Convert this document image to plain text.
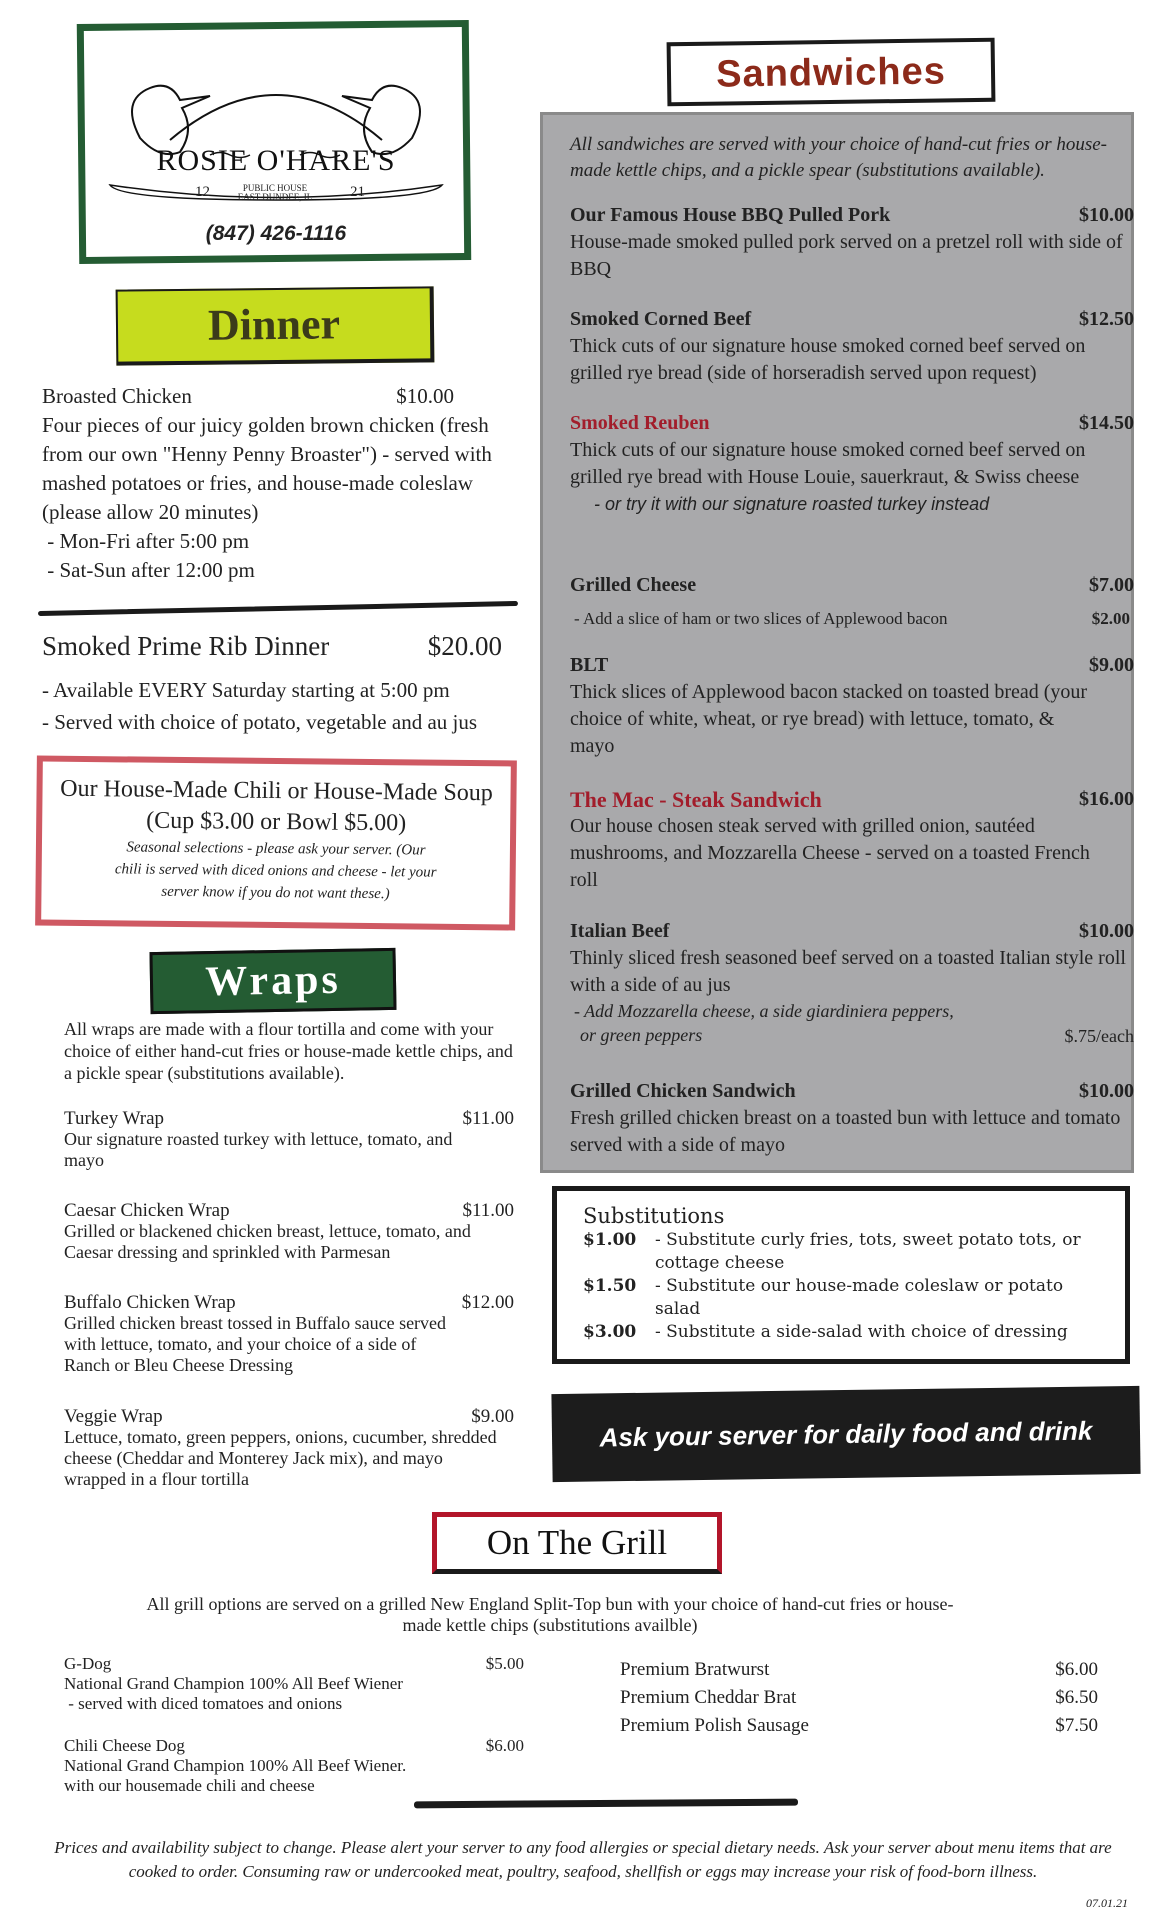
ROSIE O'HARE'S
12	PUBLIC HOUSE EAST DUNDEE, IL	21
(847) 426-1116
Dinner
Broasted Chicken	$10.00
Four pieces of our juicy golden brown chicken (fresh from our own "Henny Penny Broaster") - served with mashed potatoes or fries, and house-made coleslaw (please allow 20 minutes)
- Mon-Fri after 5:00 pm
- Sat-Sun after 12:00 pm
Smoked Prime Rib Dinner	$20.00
- Available EVERY Saturday starting at 5:00 pm
- Served with choice of potato, vegetable and au jus
Our House-Made Chili or House-Made Soup
(Cup $3.00 or Bowl $5.00)
Seasonal selections - please ask your server. (Our chili is served with diced onions and cheese - let your server know if you do not want these.)
Wraps
All wraps are made with a flour tortilla and come with your choice of either hand-cut fries or house-made kettle chips, and a pickle spear (substitutions available).
Turkey Wrap	$11.00
Our signature roasted turkey with lettuce, tomato, and mayo
Caesar Chicken Wrap	$11.00
Grilled or blackened chicken breast, lettuce, tomato, and Caesar dressing and sprinkled with Parmesan
Buffalo Chicken Wrap	$12.00
Grilled chicken breast tossed in Buffalo sauce served with lettuce, tomato, and your choice of a side of Ranch or Bleu Cheese Dressing
Veggie Wrap	$9.00
Lettuce, tomato, green peppers, onions, cucumber, shredded cheese (Cheddar and Monterey Jack mix), and mayo wrapped in a flour tortilla
Sandwiches
All sandwiches are served with your choice of hand-cut fries or house-made kettle chips, and a pickle spear (substitutions available).
Our Famous House BBQ Pulled Pork	$10.00
House-made smoked pulled pork served on a pretzel roll with side of BBQ
Smoked Corned Beef	$12.50
Thick cuts of our signature house smoked corned beef served on grilled rye bread (side of horseradish served upon request)
Smoked Reuben	$14.50
Thick cuts of our signature house smoked corned beef served on grilled rye bread with House Louie, sauerkraut, & Swiss cheese
- or try it with our signature roasted turkey instead
Grilled Cheese	$7.00
- Add a slice of ham or two slices of Applewood bacon	$2.00
BLT	$9.00
Thick slices of Applewood bacon stacked on toasted bread (your choice of white, wheat, or rye bread) with lettuce, tomato, & mayo
The Mac - Steak Sandwich	$16.00
Our house chosen steak served with grilled onion, sautéed mushrooms, and Mozzarella Cheese - served on a toasted French roll
Italian Beef	$10.00
Thinly sliced fresh seasoned beef served on a toasted Italian style roll with a side of au jus
- Add Mozzarella cheese, a side giardiniera peppers,
or green peppers	$.75/each
Grilled Chicken Sandwich	$10.00
Fresh grilled chicken breast on a toasted bun with lettuce and tomato served with a side of mayo
Substitutions
$1.00	- Substitute curly fries, tots, sweet potato tots, or cottage cheese
$1.50	- Substitute our house-made coleslaw or potato salad
$3.00	- Substitute a side-salad with choice of dressing
Ask your server for daily food and drink specials.
On The Grill
All grill options are served on a grilled New England Split-Top bun with your choice of hand-cut fries or house-made kettle chips (substitutions availble)
G-Dog	$5.00
National Grand Champion 100% All Beef Wiener
- served with diced tomatoes and onions
Chili Cheese Dog	$6.00
National Grand Champion 100% All Beef Wiener.
with our housemade chili and cheese
Premium Bratwurst	$6.00
Premium Cheddar Brat	$6.50
Premium Polish Sausage	$7.50
Prices and availability subject to change. Please alert your server to any food allergies or special dietary needs. Ask your server about menu items that are cooked to order. Consuming raw or undercooked meat, poultry, seafood, shellfish or eggs may increase your risk of food-born illness.
07.01.21
